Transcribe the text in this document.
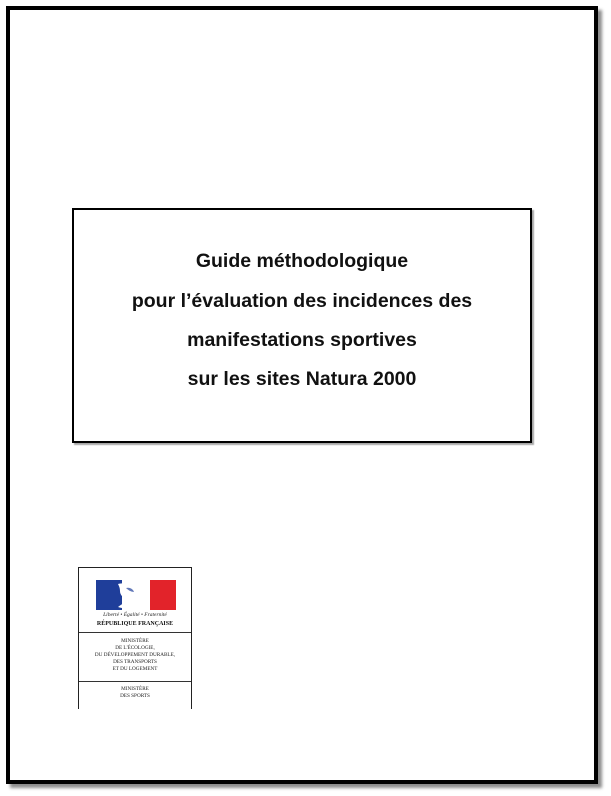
Guide méthodologique
pour l’évaluation des incidences des
manifestations sportives
sur les sites Natura 2000
Liberté • Égalité • Fraternité
RÉPUBLIQUE FRANÇAISE
MINISTÈRE
DE L'ÉCOLOGIE,
DU DÉVELOPPEMENT DURABLE,
DES TRANSPORTS
ET DU LOGEMENT
MINISTÈRE
DES SPORTS
